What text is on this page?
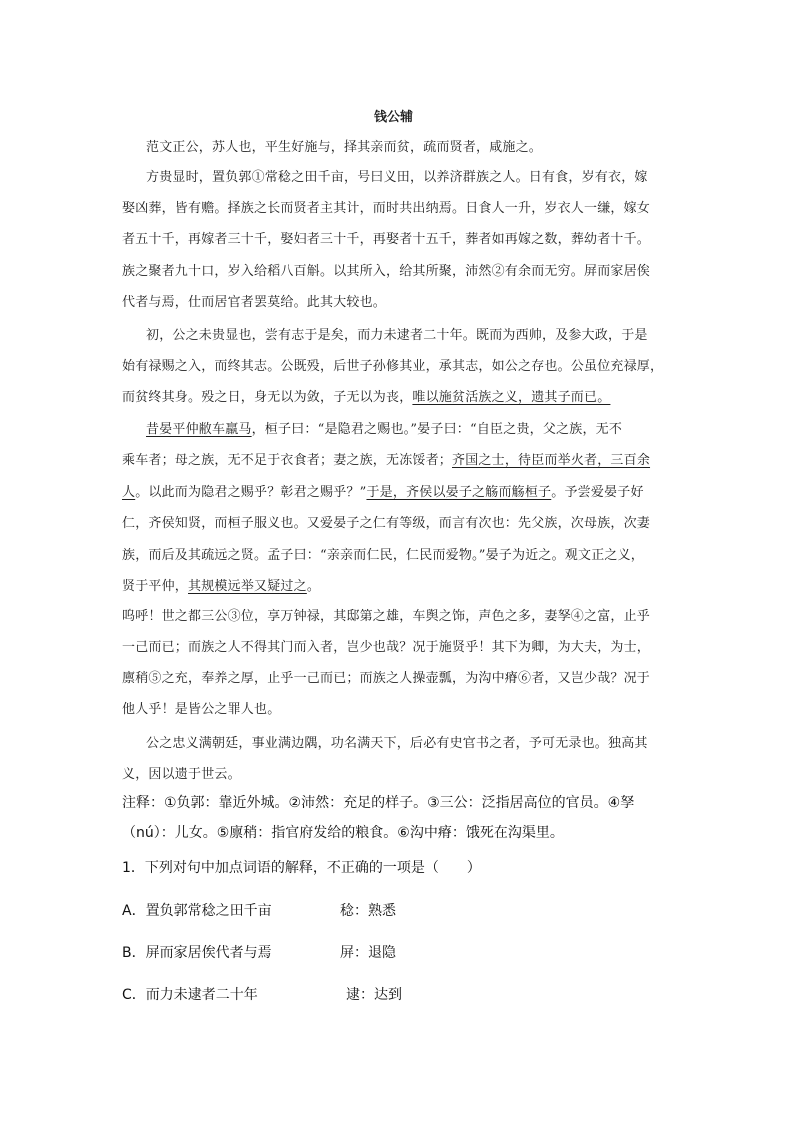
钱公辅
范文正公，苏人也，平生好施与，择其亲而贫，疏而贤者，咸施之。
方贵显时，置负郭①常稔之田千亩，号曰义田，以养济群族之人。日有食，岁有衣，嫁
娶凶葬，皆有赡。择族之长而贤者主其计，而时共出纳焉。日食人一升，岁衣人一缣，嫁女
者五十千，再嫁者三十千，娶妇者三十千，再娶者十五千，葬者如再嫁之数，葬幼者十千。
族之聚者九十口，岁入给稻八百斛。以其所入，给其所聚，沛然②有余而无穷。屏而家居俟
代者与焉，仕而居官者罢莫给。此其大较也。
初，公之未贵显也，尝有志于是矣，而力未逮者二十年。既而为西帅，及参大政，于是
始有禄赐之入，而终其志。公既殁，后世子孙修其业，承其志，如公之存也。公虽位充禄厚，
而贫终其身。殁之日，身无以为敛，子无以为丧，唯以施贫活族之义，遗其子而已。
昔晏平仲敝车羸马，桓子曰：“是隐君之赐也。”晏子曰：“自臣之贵，父之族，无不
乘车者；母之族，无不足于衣食者；妻之族，无冻馁者；齐国之士，待臣而举火者，三百余
人。以此而为隐君之赐乎？彰君之赐乎？”于是，齐侯以晏子之觞而觞桓子。予尝爱晏子好
仁，齐侯知贤，而桓子服义也。又爱晏子之仁有等级，而言有次也：先父族，次母族，次妻
族，而后及其疏远之贤。孟子曰：“亲亲而仁民，仁民而爱物。”晏子为近之。观文正之义，
贤于平仲，其规模远举又疑过之。
呜呼！世之都三公③位，享万钟禄，其邸第之雄，车舆之饰，声色之多，妻孥④之富，止乎
一己而已；而族之人不得其门而入者，岂少也哉？况于施贤乎！其下为卿，为大夫，为士，
廪稍⑤之充，奉养之厚，止乎一己而已；而族之人操壶瓢，为沟中瘠⑥者，又岂少哉？况于
他人乎！是皆公之罪人也。
公之忠义满朝廷，事业满边隅，功名满天下，后必有史官书之者，予可无录也。独高其
义，因以遗于世云。
注释：①负郭：靠近外城。②沛然：充足的样子。③三公：泛指居高位的官员。④孥
（nú）：儿女。⑤廪稍：指官府发给的粮食。⑥沟中瘠：饿死在沟渠里。
1．下列对句中加点词语的解释，不正确的一项是（　　）
A．置负郭常稔之田千亩	稔：熟悉
B．屏而家居俟代者与焉	屏：退隐
C．而力未逮者二十年	逮：达到
